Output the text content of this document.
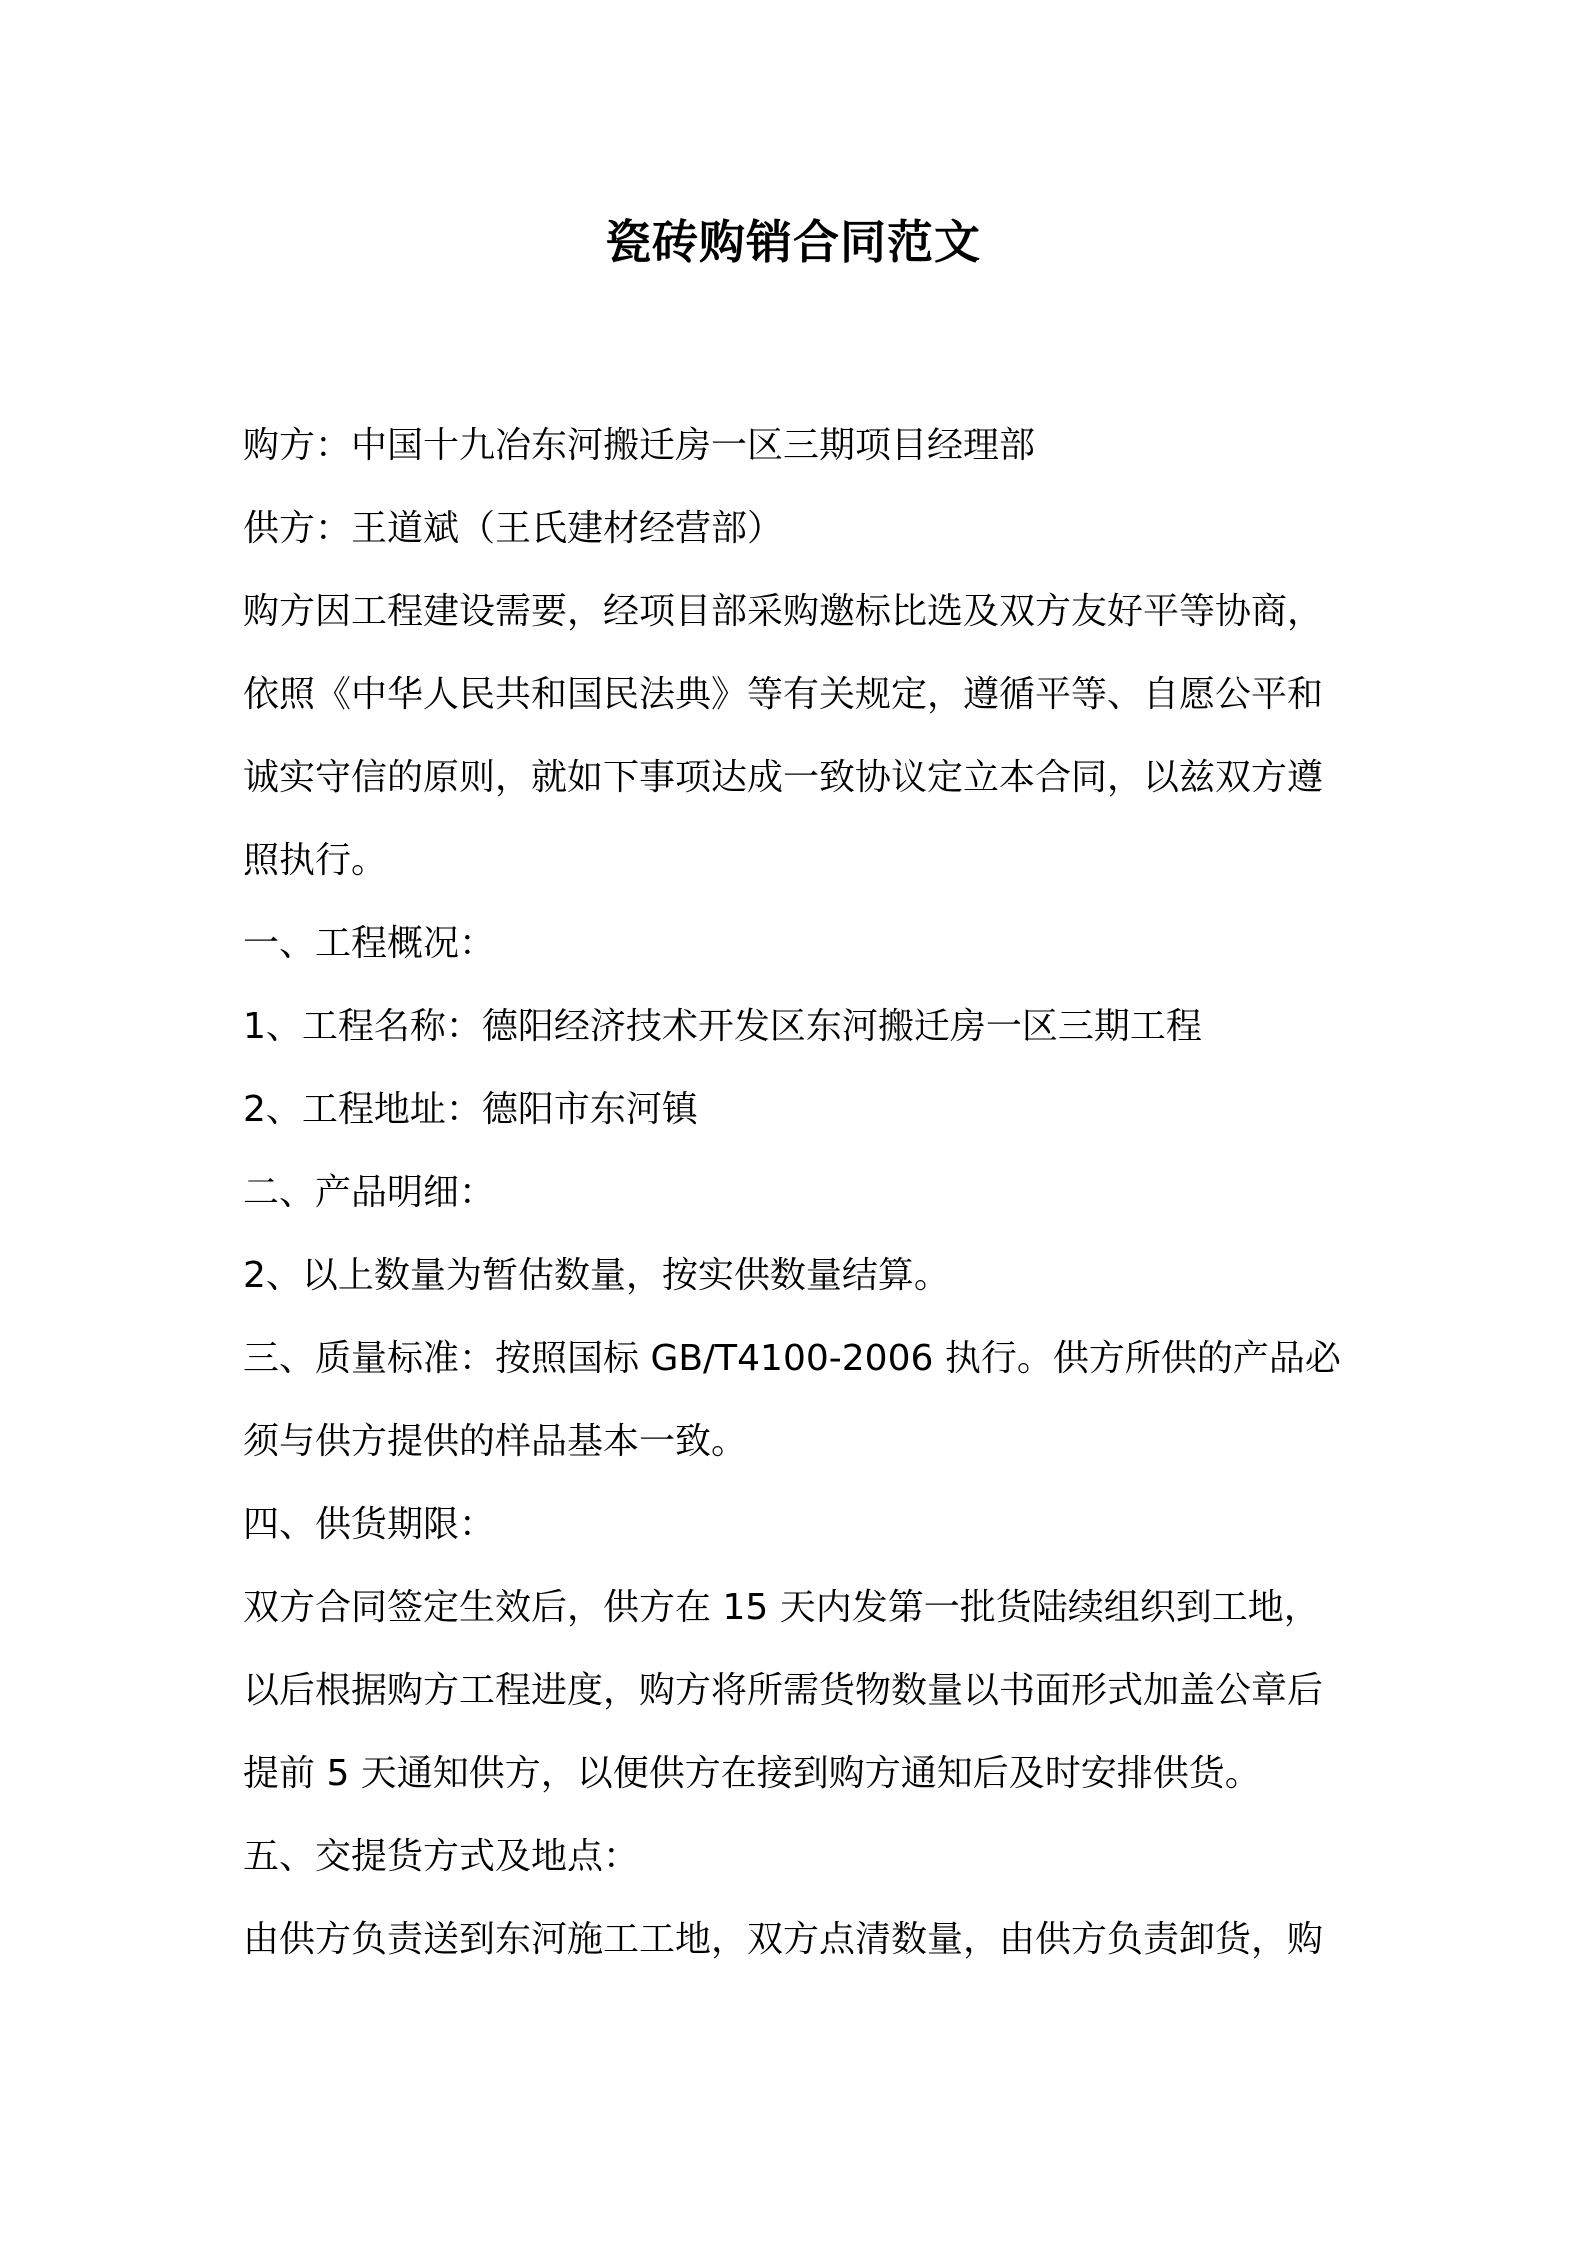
瓷砖购销合同范文
购方：中国十九冶东河搬迁房一区三期项目经理部
供方：王道斌（王氏建材经营部）
购方因工程建设需要，经项目部采购邀标比选及双方友好平等协商，
依照《中华人民共和国民法典》等有关规定，遵循平等、自愿公平和
诚实守信的原则，就如下事项达成一致协议定立本合同，以兹双方遵
照执行。
一、工程概况：
1、工程名称：德阳经济技术开发区东河搬迁房一区三期工程
2、工程地址：德阳市东河镇
二、产品明细：
2、以上数量为暂估数量，按实供数量结算。
三、质量标准：按照国标 GB/T4100-2006 执行。供方所供的产品必
须与供方提供的样品基本一致。
四、供货期限：
双方合同签定生效后，供方在 15 天内发第一批货陆续组织到工地，
以后根据购方工程进度，购方将所需货物数量以书面形式加盖公章后
提前 5 天通知供方，以便供方在接到购方通知后及时安排供货。
五、交提货方式及地点：
由供方负责送到东河施工工地，双方点清数量，由供方负责卸货，购
